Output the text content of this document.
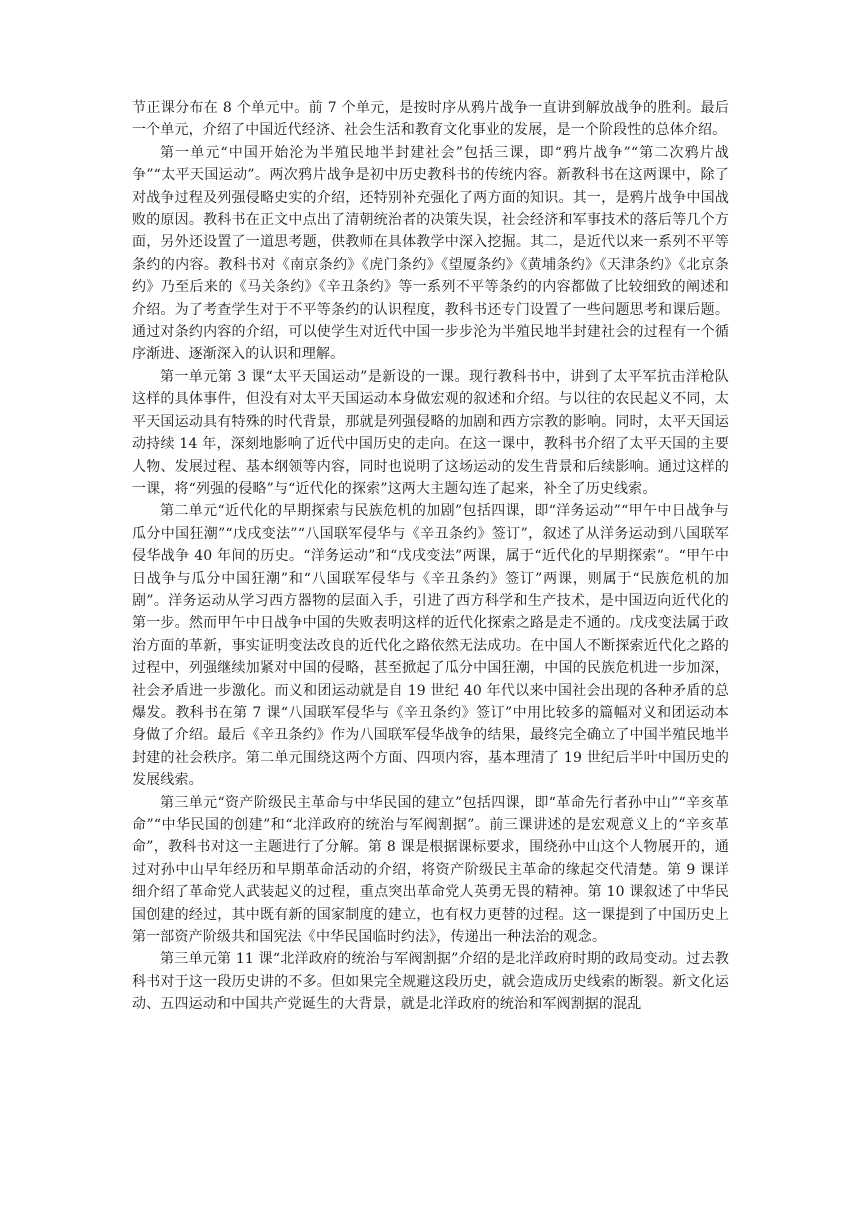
节正课分布在 8 个单元中。前 7 个单元，是按时序从鸦片战争一直讲到解放战争的胜利。最后一个单元，介绍了中国近代经济、社会生活和教育文化事业的发展，是一个阶段性的总体介绍。

第一单元“中国开始沦为半殖民地半封建社会”包括三课，即“鸦片战争”“第二次鸦片战争”“太平天国运动”。两次鸦片战争是初中历史教科书的传统内容。新教科书在这两课中，除了对战争过程及列强侵略史实的介绍，还特别补充强化了两方面的知识。其一，是鸦片战争中国战败的原因。教科书在正文中点出了清朝统治者的决策失误，社会经济和军事技术的落后等几个方面，另外还设置了一道思考题，供教师在具体教学中深入挖掘。其二，是近代以来一系列不平等条约的内容。教科书对《南京条约》《虎门条约》《望厦条约》《黄埔条约》《天津条约》《北京条约》乃至后来的《马关条约》《辛丑条约》等一系列不平等条约的内容都做了比较细致的阐述和介绍。为了考查学生对于不平等条约的认识程度，教科书还专门设置了一些问题思考和课后题。通过对条约内容的介绍，可以使学生对近代中国一步步沦为半殖民地半封建社会的过程有一个循序渐进、逐渐深入的认识和理解。

第一单元第 3 课“太平天国运动”是新设的一课。现行教科书中，讲到了太平军抗击洋枪队这样的具体事件，但没有对太平天国运动本身做宏观的叙述和介绍。与以往的农民起义不同，太平天国运动具有特殊的时代背景，那就是列强侵略的加剧和西方宗教的影响。同时，太平天国运动持续 14 年，深刻地影响了近代中国历史的走向。在这一课中，教科书介绍了太平天国的主要人物、发展过程、基本纲领等内容，同时也说明了这场运动的发生背景和后续影响。通过这样的一课，将“列强的侵略”与“近代化的探索”这两大主题勾连了起来，补全了历史线索。

第二单元“近代化的早期探索与民族危机的加剧”包括四课，即“洋务运动”“甲午中日战争与瓜分中国狂潮”“戊戌变法”“八国联军侵华与《辛丑条约》签订”，叙述了从洋务运动到八国联军侵华战争 40 年间的历史。“洋务运动”和“戊戌变法”两课，属于“近代化的早期探索”。“甲午中日战争与瓜分中国狂潮”和“八国联军侵华与《辛丑条约》签订”两课，则属于“民族危机的加剧”。洋务运动从学习西方器物的层面入手，引进了西方科学和生产技术，是中国迈向近代化的第一步。然而甲午中日战争中国的失败表明这样的近代化探索之路是走不通的。戊戌变法属于政治方面的革新，事实证明变法改良的近代化之路依然无法成功。在中国人不断探索近代化之路的过程中，列强继续加紧对中国的侵略，甚至掀起了瓜分中国狂潮，中国的民族危机进一步加深，社会矛盾进一步激化。而义和团运动就是自 19 世纪 40 年代以来中国社会出现的各种矛盾的总爆发。教科书在第 7 课“八国联军侵华与《辛丑条约》签订”中用比较多的篇幅对义和团运动本身做了介绍。最后《辛丑条约》作为八国联军侵华战争的结果，最终完全确立了中国半殖民地半封建的社会秩序。第二单元围绕这两个方面、四项内容，基本理清了 19 世纪后半叶中国历史的发展线索。

第三单元“资产阶级民主革命与中华民国的建立”包括四课，即“革命先行者孙中山”“辛亥革命”“中华民国的创建”和“北洋政府的统治与军阀割据”。前三课讲述的是宏观意义上的“辛亥革命”，教科书对这一主题进行了分解。第 8 课是根据课标要求，围绕孙中山这个人物展开的，通过对孙中山早年经历和早期革命活动的介绍，将资产阶级民主革命的缘起交代清楚。第 9 课详细介绍了革命党人武装起义的过程，重点突出革命党人英勇无畏的精神。第 10 课叙述了中华民国创建的经过，其中既有新的国家制度的建立，也有权力更替的过程。这一课提到了中国历史上第一部资产阶级共和国宪法《中华民国临时约法》，传递出一种法治的观念。

第三单元第 11 课“北洋政府的统治与军阀割据”介绍的是北洋政府时期的政局变动。过去教科书对于这一段历史讲的不多。但如果完全规避这段历史，就会造成历史线索的断裂。新文化运动、五四运动和中国共产党诞生的大背景，就是北洋政府的统治和军阀割据的混乱
